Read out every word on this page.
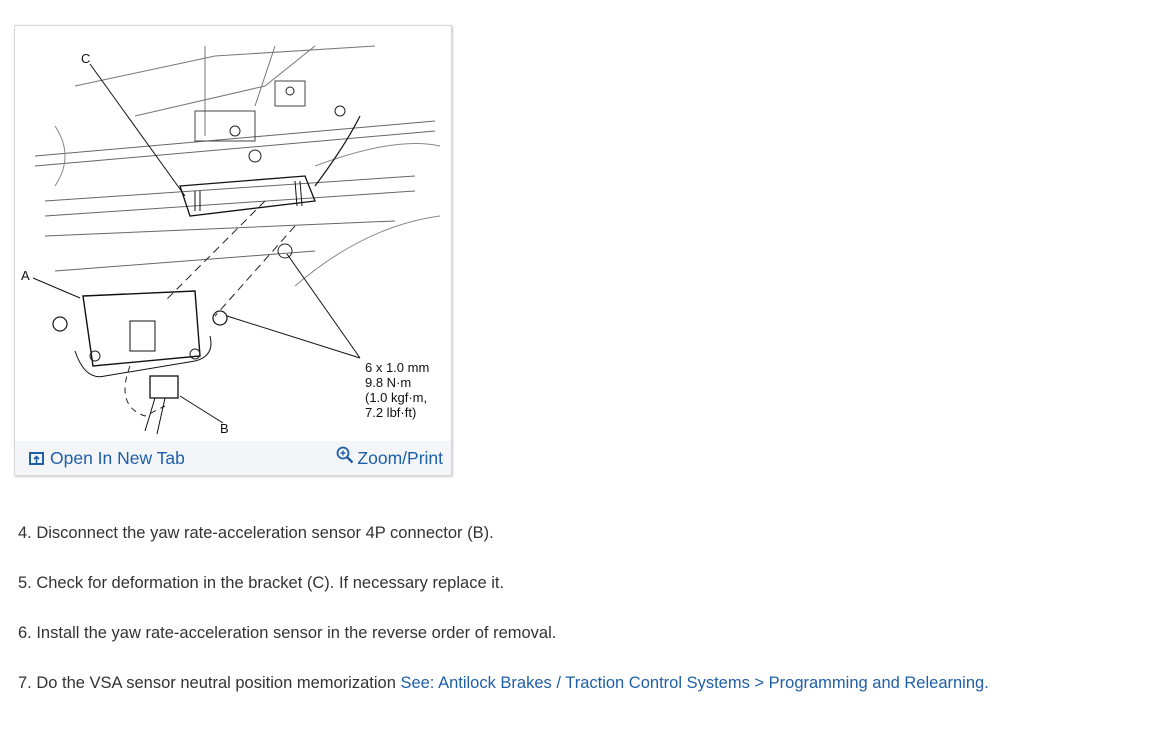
C
A
B
6 x 1.0 mm
9.8 N·m
(1.0 kgf·m,
7.2 lbf·ft)
Open In New Tab	Zoom/Print

4. Disconnect the yaw rate-acceleration sensor 4P connector (B).

5. Check for deformation in the bracket (C). If necessary replace it.

6. Install the yaw rate-acceleration sensor in the reverse order of removal.

7. Do the VSA sensor neutral position memorization See: Antilock Brakes / Traction Control Systems > Programming and Relearning.
